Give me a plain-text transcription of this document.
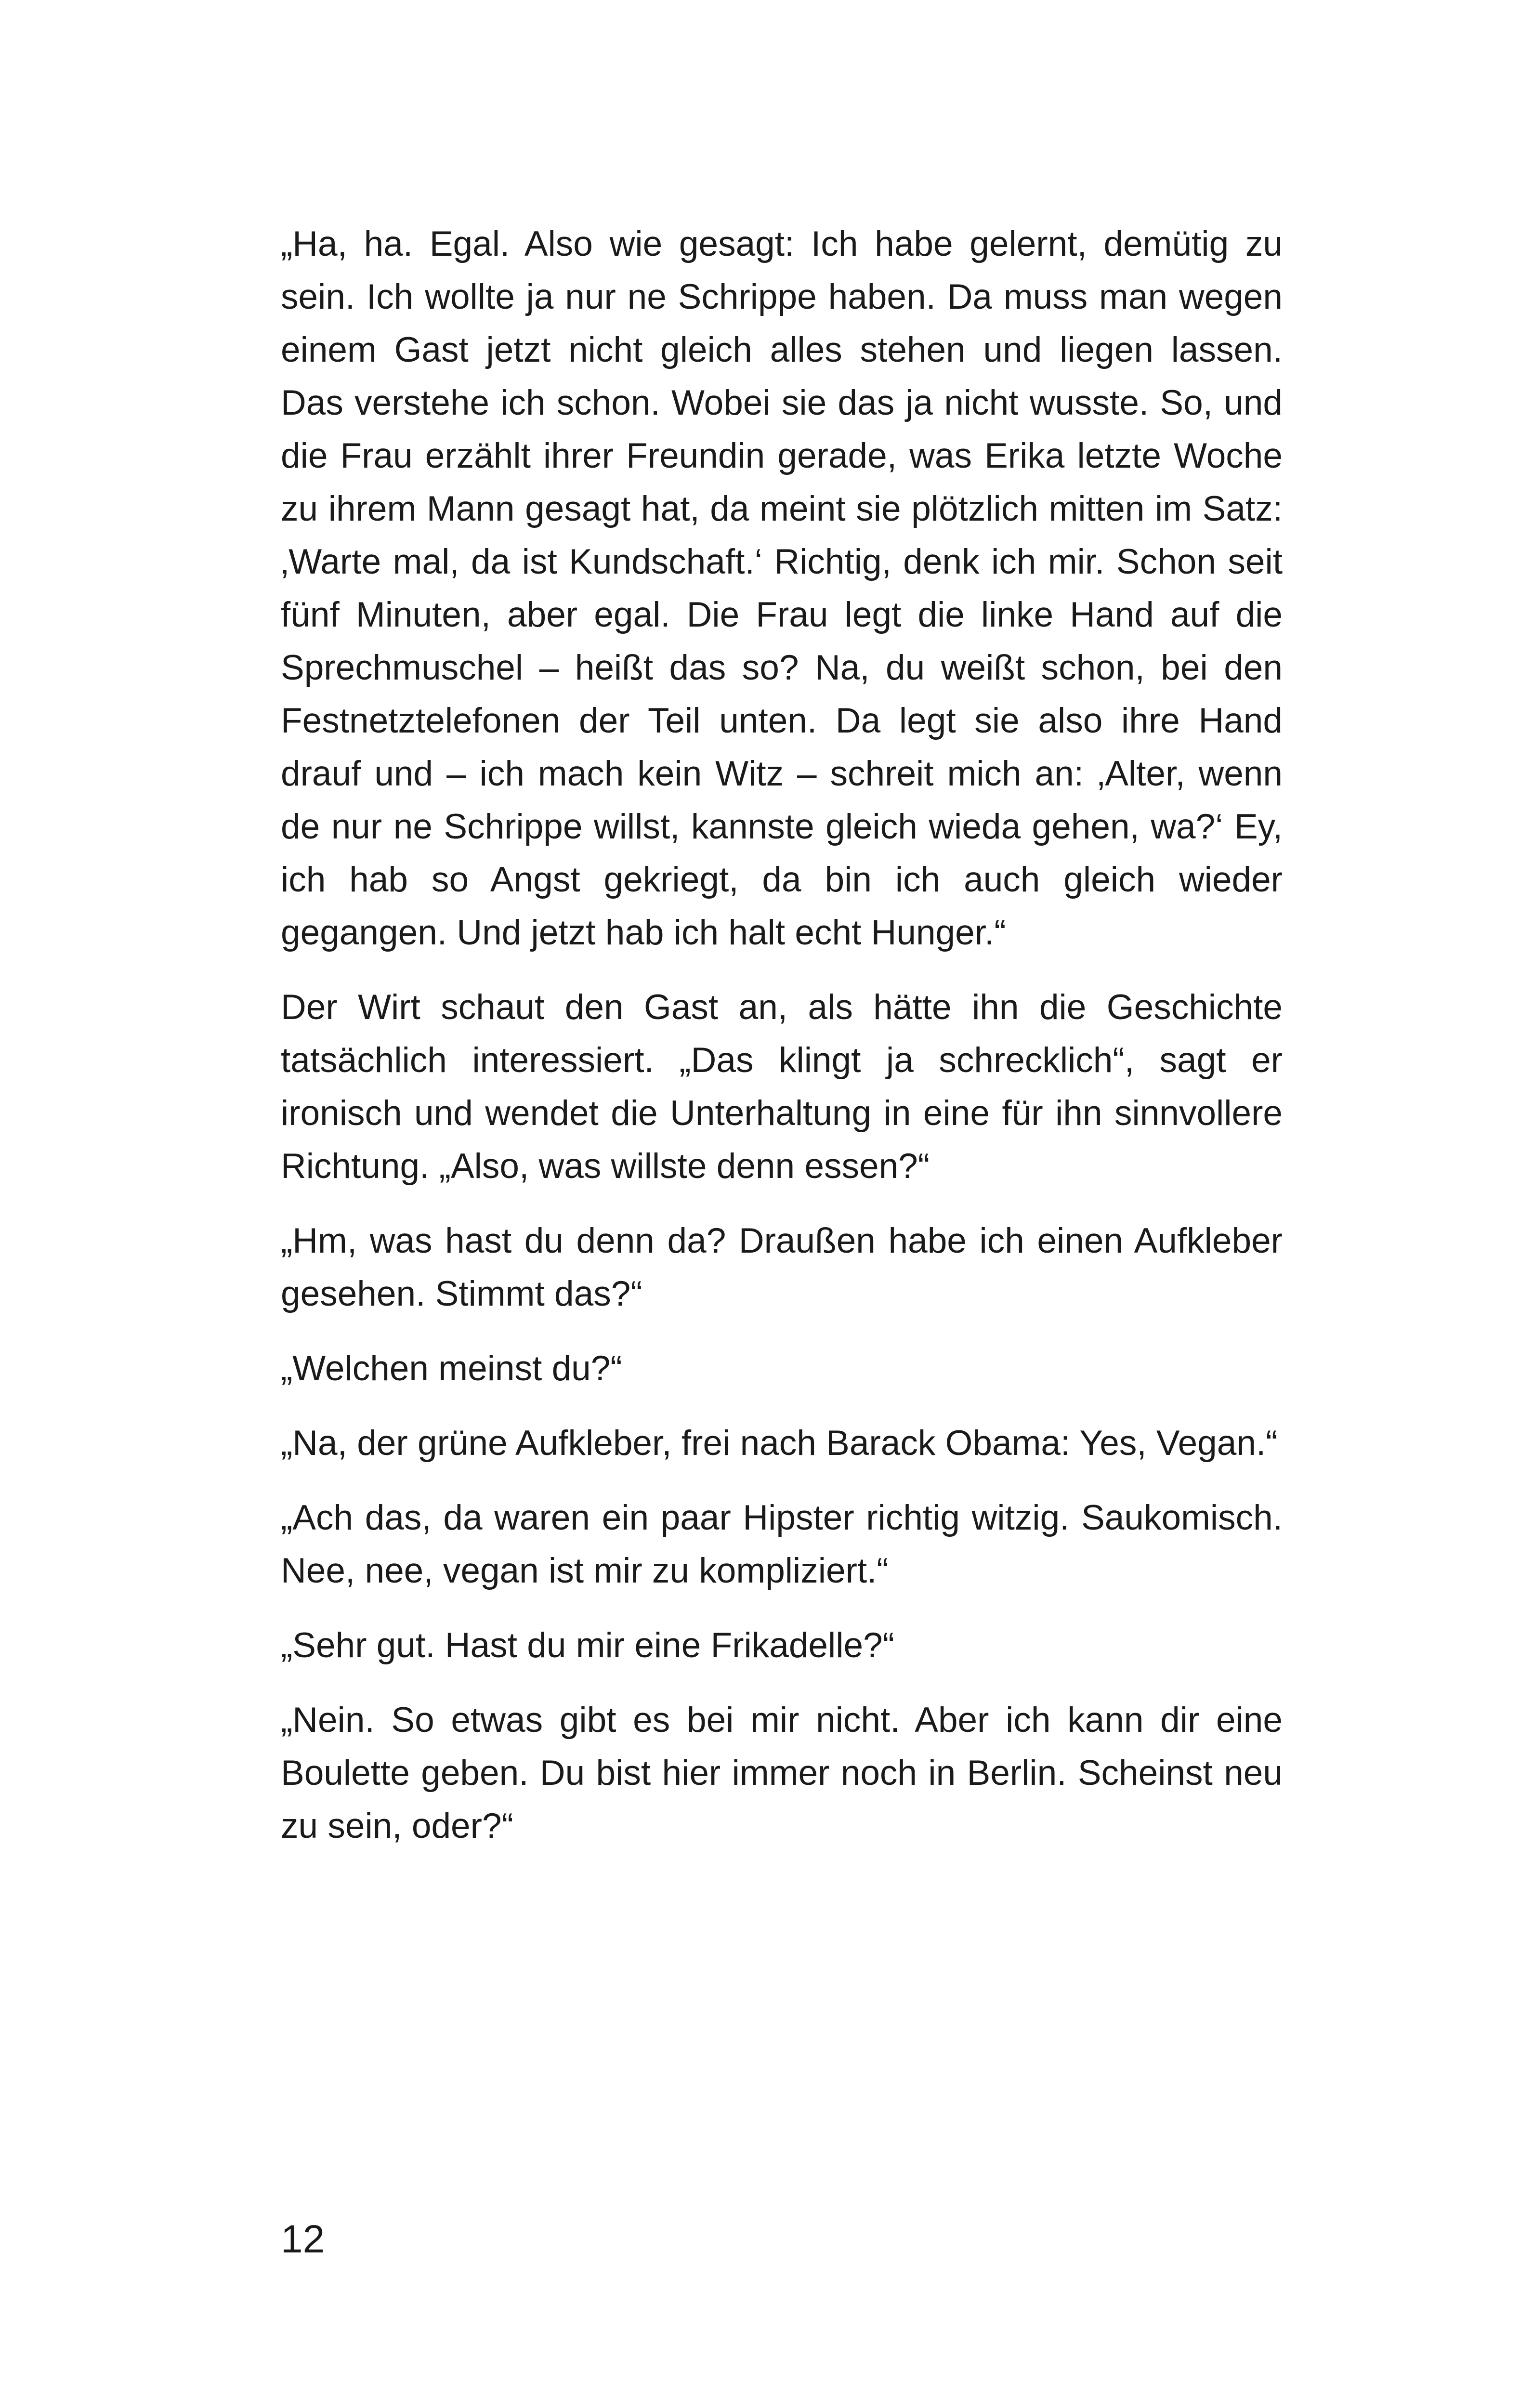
„Ha, ha. Egal. Also wie gesagt: Ich habe gelernt, demütig zu sein. Ich wollte ja nur ne Schrippe haben. Da muss man wegen einem Gast jetzt nicht gleich alles stehen und liegen lassen. Das verstehe ich schon. Wobei sie das ja nicht wusste. So, und die Frau erzählt ihrer Freundin gerade, was Erika letzte Woche zu ihrem Mann gesagt hat, da meint sie plötzlich mitten im Satz: ‚Warte mal, da ist Kundschaft.‘ Richtig, denk ich mir. Schon seit fünf Minuten, aber egal. Die Frau legt die linke Hand auf die Sprechmuschel – heißt das so? Na, du weißt schon, bei den Festnetztelefonen der Teil unten. Da legt sie also ihre Hand drauf und – ich mach kein Witz – schreit mich an: ‚Alter, wenn de nur ne Schrippe willst, kannste gleich wieda gehen, wa?‘ Ey, ich hab so Angst gekriegt, da bin ich auch gleich wieder gegangen. Und jetzt hab ich halt echt Hunger.“

Der Wirt schaut den Gast an, als hätte ihn die Geschichte tatsächlich interessiert. „Das klingt ja schrecklich“, sagt er ironisch und wendet die Unterhaltung in eine für ihn sinnvollere Richtung. „Also, was willste denn essen?“

„Hm, was hast du denn da? Draußen habe ich einen Aufkleber gesehen. Stimmt das?“

„Welchen meinst du?“

„Na, der grüne Aufkleber, frei nach Barack Obama: Yes, Vegan.“

„Ach das, da waren ein paar Hipster richtig witzig. Saukomisch. Nee, nee, vegan ist mir zu kompliziert.“

„Sehr gut. Hast du mir eine Frikadelle?“

„Nein. So etwas gibt es bei mir nicht. Aber ich kann dir eine Boulette geben. Du bist hier immer noch in Berlin. Scheinst neu zu sein, oder?“

12
